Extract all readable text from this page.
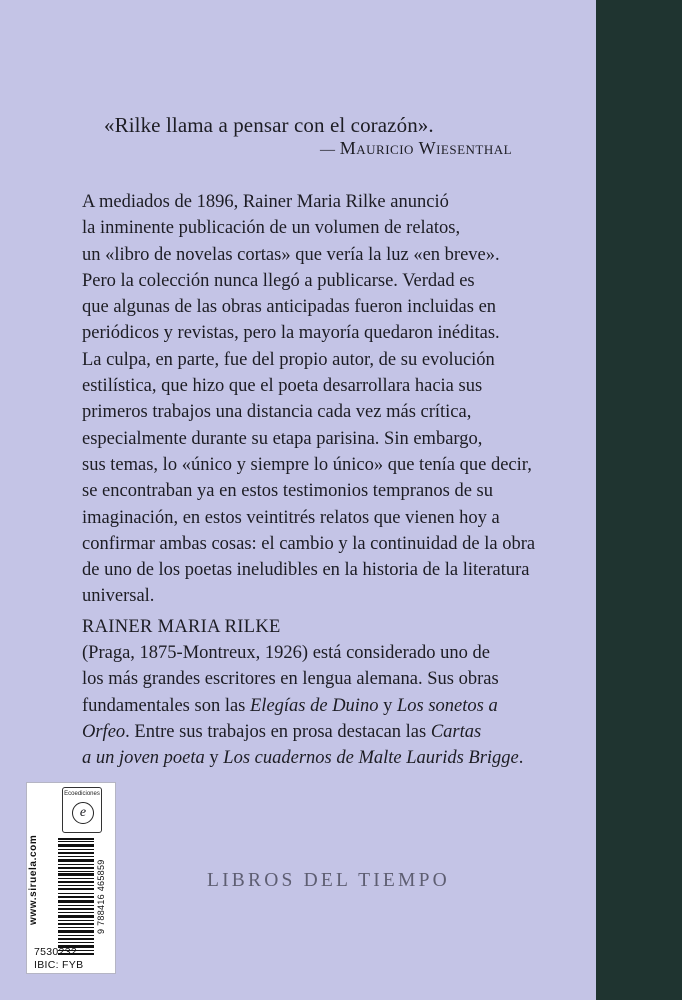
«Rilke llama a pensar con el corazón».
— Mauricio Wiesenthal
A mediados de 1896, Rainer Maria Rilke anunció
la inminente publicación de un volumen de relatos,
un «libro de novelas cortas» que vería la luz «en breve».
Pero la colección nunca llegó a publicarse. Verdad es
que algunas de las obras anticipadas fueron incluidas en
periódicos y revistas, pero la mayoría quedaron inéditas.
La culpa, en parte, fue del propio autor, de su evolución
estilística, que hizo que el poeta desarrollara hacia sus
primeros trabajos una distancia cada vez más crítica,
especialmente durante su etapa parisina. Sin embargo,
sus temas, lo «único y siempre lo único» que tenía que decir,
se encontraban ya en estos testimonios tempranos de su
imaginación, en estos veintitrés relatos que vienen hoy a
confirmar ambas cosas: el cambio y la continuidad de la obra
de uno de los poetas ineludibles en la historia de la literatura
universal.
RAINER MARIA RILKE
(Praga, 1875-Montreux, 1926) está considerado uno de
los más grandes escritores en lengua alemana. Sus obras
fundamentales son las Elegías de Duino y Los sonetos a
Orfeo. Entre sus trabajos en prosa destacan las Cartas
a un joven poeta y Los cuadernos de Malte Laurids Brigge.
LIBROS DEL TIEMPO
www.siruela.com
Ecoediciones
e
9 788416 465859
7530232
IBIC: FYB
